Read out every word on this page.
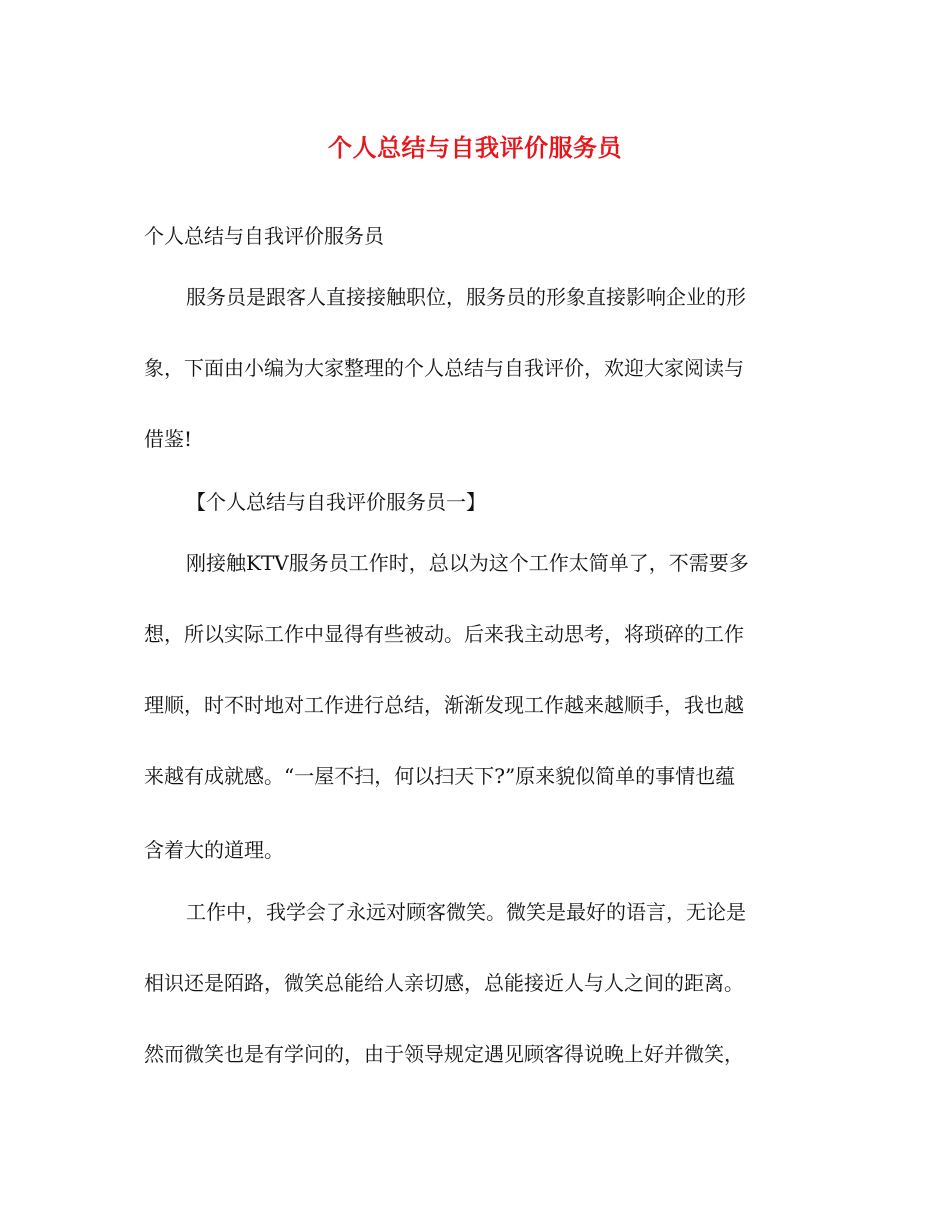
个人总结与自我评价服务员
个人总结与自我评价服务员
服务员是跟客人直接接触职位，服务员的形象直接影响企业的形
象，下面由小编为大家整理的个人总结与自我评价，欢迎大家阅读与
借鉴!
【个人总结与自我评价服务员一】
刚接触KTV服务员工作时，总以为这个工作太简单了，不需要多
想，所以实际工作中显得有些被动。后来我主动思考，将琐碎的工作
理顺，时不时地对工作进行总结，渐渐发现工作越来越顺手，我也越
来越有成就感。“一屋不扫，何以扫天下?”原来貌似简单的事情也蕴
含着大的道理。
工作中，我学会了永远对顾客微笑。微笑是最好的语言，无论是
相识还是陌路，微笑总能给人亲切感，总能接近人与人之间的距离。
然而微笑也是有学问的，由于领导规定遇见顾客得说晚上好并微笑，
